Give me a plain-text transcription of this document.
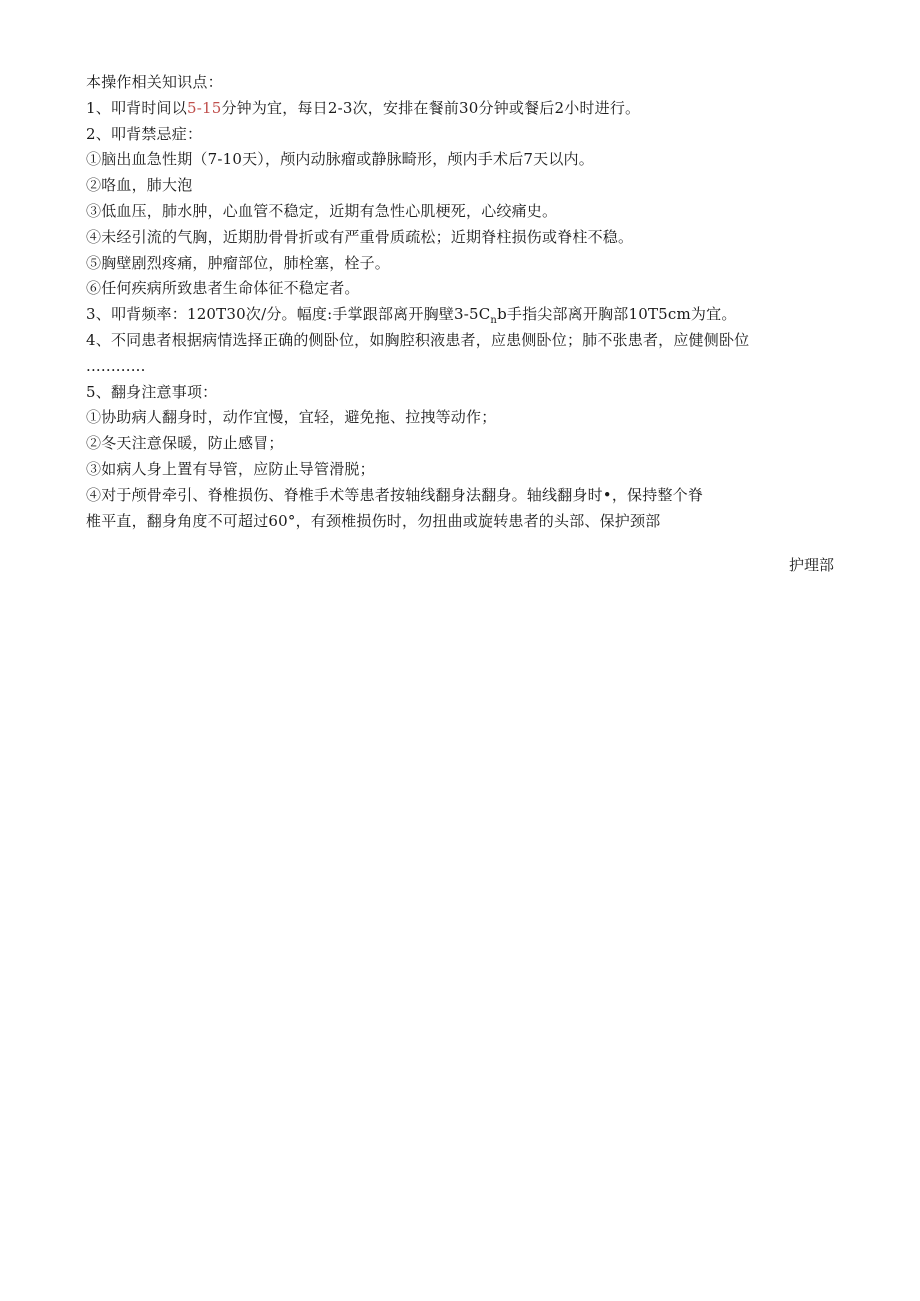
本操作相关知识点：
1、叩背时间以5-15分钟为宜，每日2-3次，安排在餐前30分钟或餐后2小时进行。
2、叩背禁忌症：
①脑出血急性期（7-10天），颅内动脉瘤或静脉畸形，颅内手术后7天以内。
②咯血，肺大泡
③低血压，肺水肿，心血管不稳定，近期有急性心肌梗死，心绞痛史。
④未经引流的气胸，近期肋骨骨折或有严重骨质疏松；近期脊柱损伤或脊柱不稳。
⑤胸壁剧烈疼痛，肿瘤部位，肺栓塞，栓子。
⑥任何疾病所致患者生命体征不稳定者。
3、叩背频率：120T30次/分。幅度:手掌跟部离开胸壁$3-5C_nb$手指尖部离开胸部10T5cm为宜。
4、不同患者根据病情选择正确的侧卧位，如胸腔积液患者，应患侧卧位；肺不张患者，应健侧卧位
............
5、翻身注意事项：
①协助病人翻身时，动作宜慢，宜轻，避免拖、拉拽等动作；
②冬天注意保暖，防止感冒；
③如病人身上置有导管，应防止导管滑脱；
④对于颅骨牵引、脊椎损伤、脊椎手术等患者按轴线翻身法翻身。轴线翻身时•，保持整个脊
椎平直，翻身角度不可超过60°，有颈椎损伤时，勿扭曲或旋转患者的头部、保护颈部
护理部
